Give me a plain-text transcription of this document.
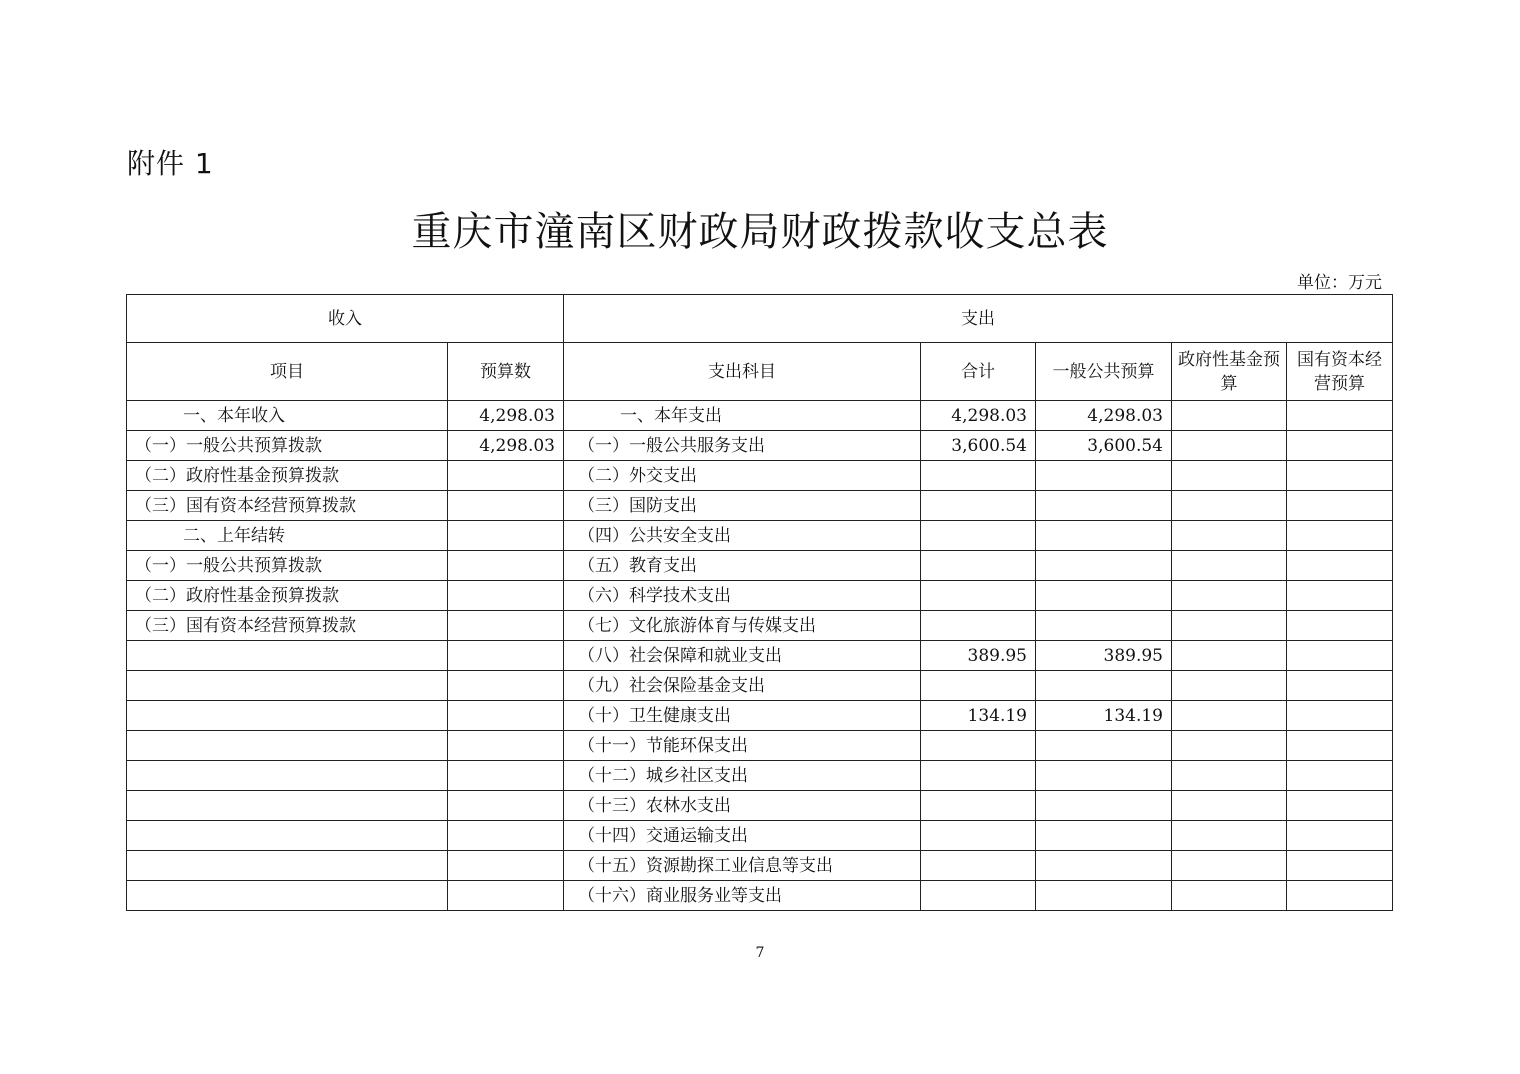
附件 1
重庆市潼南区财政局财政拨款收支总表
单位：万元
收入		支出				
项目	预算数	支出科目	合计	一般公共预算	政府性基金预算	国有资本经营预算
一、本年收入	4,298.03	一、本年支出	4,298.03	4,298.03		
（一）一般公共预算拨款	4,298.03	（一）一般公共服务支出	3,600.54	3,600.54		
（二）政府性基金预算拨款		（二）外交支出				
（三）国有资本经营预算拨款		（三）国防支出				
二、上年结转		（四）公共安全支出				
（一）一般公共预算拨款		（五）教育支出				
（二）政府性基金预算拨款		（六）科学技术支出				
（三）国有资本经营预算拨款		（七）文化旅游体育与传媒支出				
		（八）社会保障和就业支出	389.95	389.95		
		（九）社会保险基金支出				
		（十）卫生健康支出	134.19	134.19		
		（十一）节能环保支出				
		（十二）城乡社区支出				
		（十三）农林水支出				
		（十四）交通运输支出				
		（十五）资源勘探工业信息等支出				
		（十六）商业服务业等支出				
7
